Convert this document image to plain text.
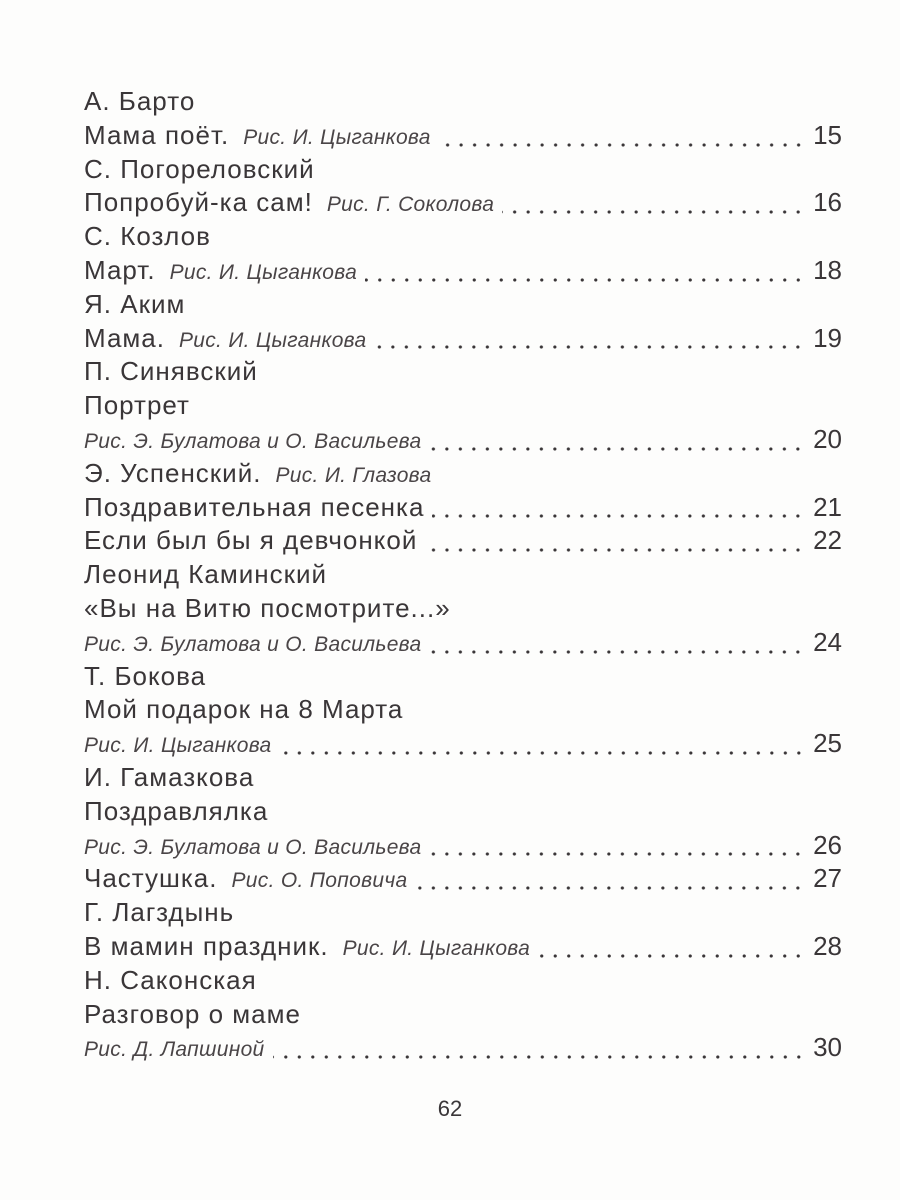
А. Барто
Мама поёт. Рис. И. Цыганкова	15
С. Погореловский
Попробуй-ка сам! Рис. Г. Соколова	16
С. Козлов
Март. Рис. И. Цыганкова	18
Я. Аким
Мама. Рис. И. Цыганкова	19
П. Синявский
Портрет
Рис. Э. Булатова и О. Васильева	20
Э. Успенский. Рис. И. Глазова
Поздравительная песенка	21
Если был бы я девчонкой	22
Леонид Каминский
«Вы на Витю посмотрите...»
Рис. Э. Булатова и О. Васильева	24
Т. Бокова
Мой подарок на 8 Марта
Рис. И. Цыганкова	25
И. Гамазкова
Поздравлялка
Рис. Э. Булатова и О. Васильева	26
Частушка. Рис. О. Поповича	27
Г. Лагздынь
В мамин праздник. Рис. И. Цыганкова	28
Н. Саконская
Разговор о маме
Рис. Д. Лапшиной	30
62
